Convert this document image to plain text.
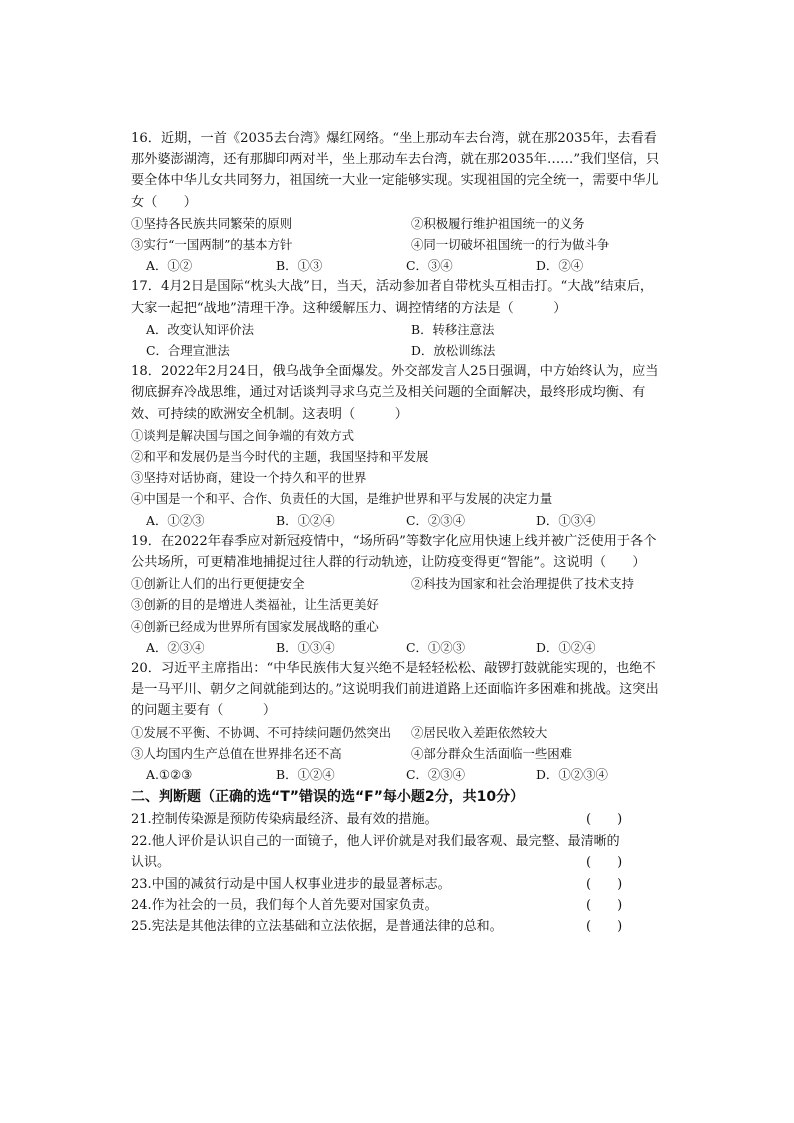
16．近期，一首《2035去台湾》爆红网络。“坐上那动车去台湾，就在那2035年，去看看那外婆澎湖湾，还有那脚印两对半，坐上那动车去台湾，就在那2035年……”我们坚信，只要全体中华儿女共同努力，祖国统一大业一定能够实现。实现祖国的完全统一，需要中华儿女（　　）

①坚持各民族共同繁荣的原则	②积极履行维护祖国统一的义务
③实行“一国两制”的基本方针	④同一切破坏祖国统一的行为做斗争
A．①②	B．①③	C．③④	D．②④

17．4月2日是国际“枕头大战”日，当天，活动参加者自带枕头互相击打。“大战”结束后，大家一起把“战地”清理干净。这种缓解压力、调控情绪的方法是（　　　）

A．改变认知评价法	B．转移注意法
C．合理宣泄法	D．放松训练法

18．2022年2月24日，俄乌战争全面爆发。外交部发言人25日强调，中方始终认为，应当彻底摒弃冷战思维，通过对话谈判寻求乌克兰及相关问题的全面解决，最终形成均衡、有效、可持续的欧洲安全机制。这表明（　　　）

①谈判是解决国与国之间争端的有效方式

②和平和发展仍是当今时代的主题，我国坚持和平发展

③坚持对话协商，建设一个持久和平的世界

④中国是一个和平、合作、负责任的大国，是维护世界和平与发展的决定力量

A．①②③	B．①②④	C．②③④	D．①③④

19．在2022年春季应对新冠疫情中，“场所码”等数字化应用快速上线并被广泛使用于各个公共场所，可更精准地捕捉过往人群的行动轨迹，让防疫变得更“智能”。这说明（　　）

①创新让人们的出行更便捷安全	②科技为国家和社会治理提供了技术支持

③创新的目的是增进人类福祉，让生活更美好

④创新已经成为世界所有国家发展战略的重心

A．②③④	B．①③④	C．①②③	D．①②④

20．习近平主席指出：“中华民族伟大复兴绝不是轻轻松松、敲锣打鼓就能实现的，也绝不是一马平川、朝夕之间就能到达的。”这说明我们前进道路上还面临许多困难和挑战。这突出的问题主要有（　　　）

①发展不平衡、不协调、不可持续问题仍然突出	②居民收入差距依然较大
③人均国内生产总值在世界排名还不高	④部分群众生活面临一些困难
A.①②③	B．①②④	C．②③④	D．①②③④

二、判断题（正确的选“T”错误的选“F”每小题2分，共10分）

21.控制传染源是预防传染病最经济、最有效的措施。	(　　)
22.他人评价是认识自己的一面镜子，他人评价就是对我们最客观、最完整、最清晰的
认识。	(　　)
23.中国的减贫行动是中国人权事业进步的最显著标志。	(　　)
24.作为社会的一员，我们每个人首先要对国家负责。	(　　)
25.宪法是其他法律的立法基础和立法依据，是普通法律的总和。	(　　)
